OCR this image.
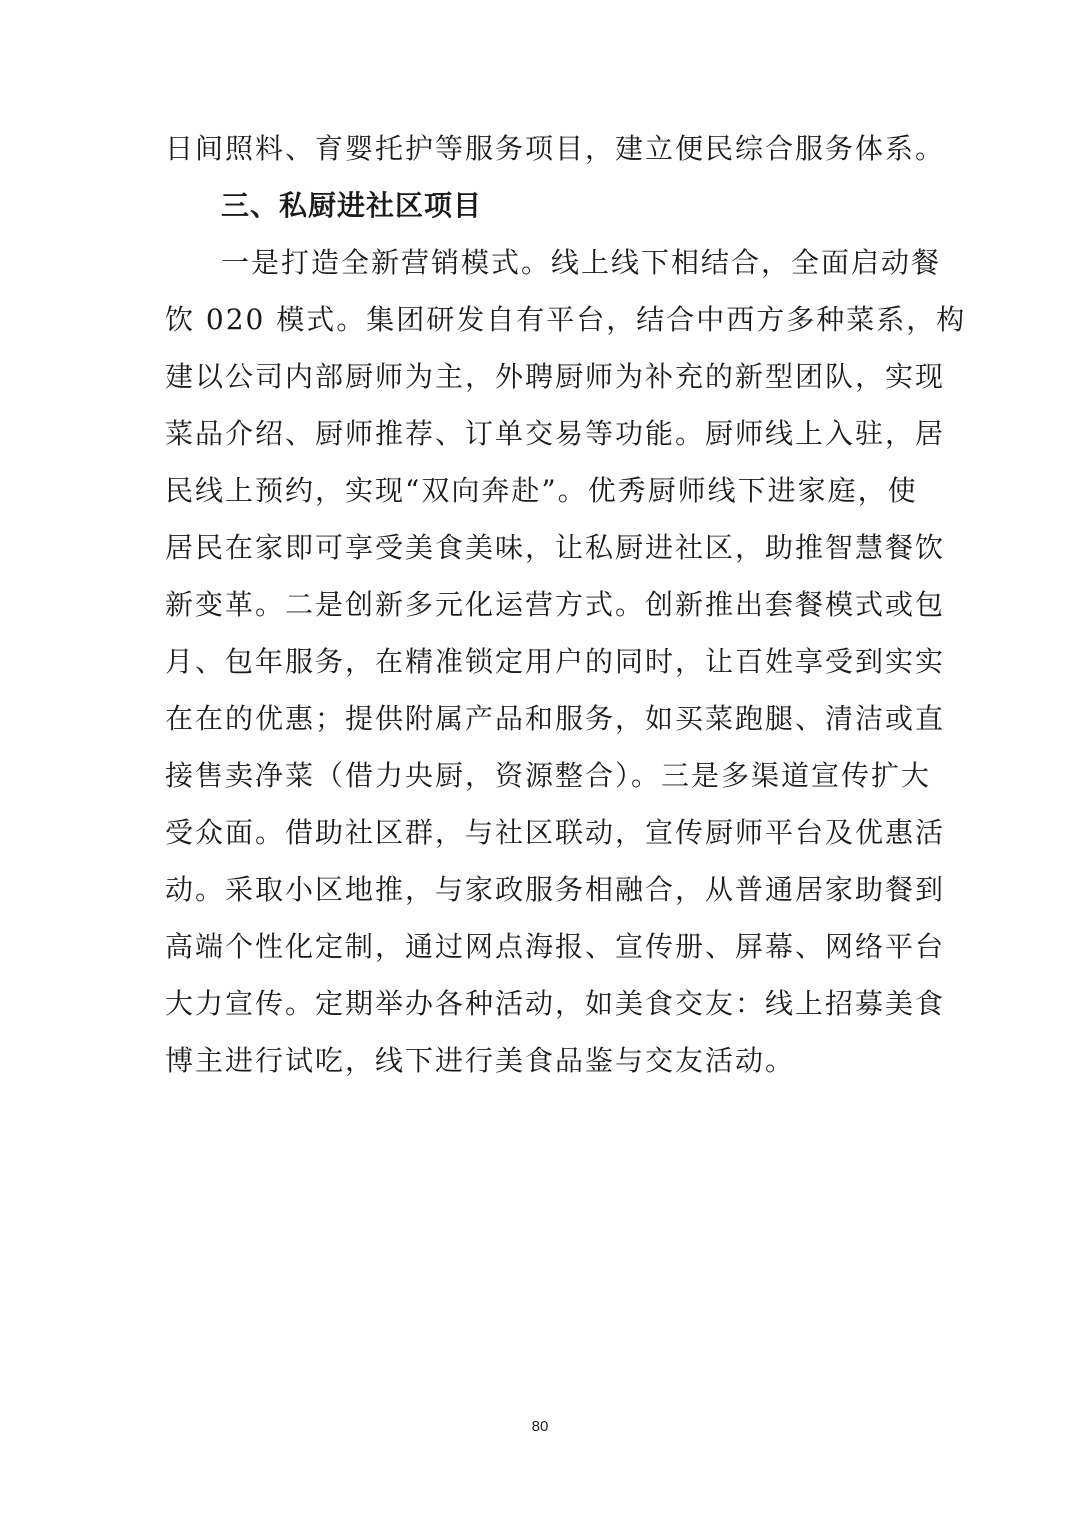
日间照料、育婴托护等服务项目，建立便民综合服务体系。
三、私厨进社区项目
一是打造全新营销模式。线上线下相结合，全面启动餐
饮 020 模式。集团研发自有平台，结合中西方多种菜系，构
建以公司内部厨师为主，外聘厨师为补充的新型团队，实现
菜品介绍、厨师推荐、订单交易等功能。厨师线上入驻，居
民线上预约，实现“双向奔赴”。优秀厨师线下进家庭，使
居民在家即可享受美食美味，让私厨进社区，助推智慧餐饮
新变革。二是创新多元化运营方式。创新推出套餐模式或包
月、包年服务，在精准锁定用户的同时，让百姓享受到实实
在在的优惠；提供附属产品和服务，如买菜跑腿、清洁或直
接售卖净菜（借力央厨，资源整合）。三是多渠道宣传扩大
受众面。借助社区群，与社区联动，宣传厨师平台及优惠活
动。采取小区地推，与家政服务相融合，从普通居家助餐到
高端个性化定制，通过网点海报、宣传册、屏幕、网络平台
大力宣传。定期举办各种活动，如美食交友：线上招募美食
博主进行试吃，线下进行美食品鉴与交友活动。
80
